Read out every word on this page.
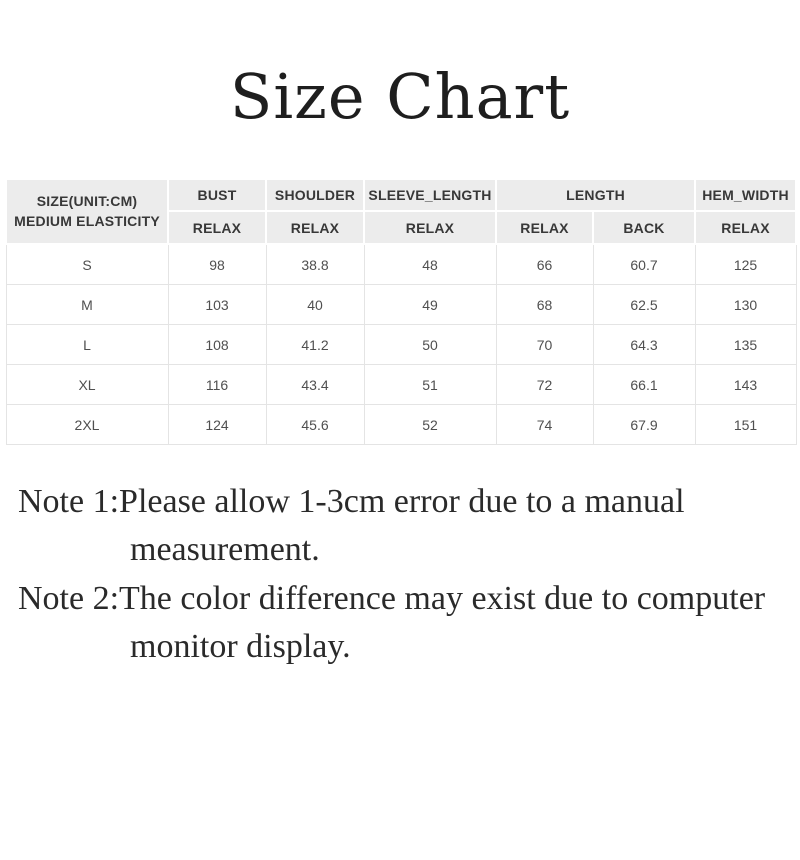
Size Chart
SIZE(UNIT:CM)
MEDIUM ELASTICITY	BUST	SHOULDER	SLEEVE_LENGTH	LENGTH		HEM_WIDTH
	RELAX	RELAX	RELAX	RELAX	BACK	RELAX
S	98	38.8	48	66	60.7	125
M	103	40	49	68	62.5	130
L	108	41.2	50	70	64.3	135
XL	116	43.4	51	72	66.1	143
2XL	124	45.6	52	74	67.9	151

Note 1:Please allow 1-3cm error due to a manual measurement.

Note 2:The color difference may exist due to computer monitor display.
